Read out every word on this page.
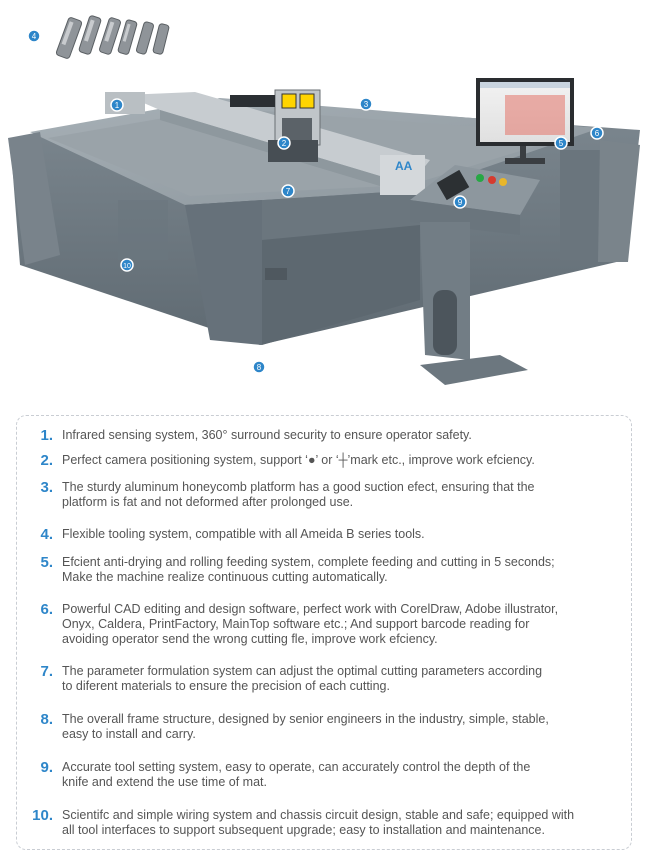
AA
1
2
3
4
5
6
7
8
9
10
1. Infrared sensing system, 360° surround security to ensure operator safety.
2. Perfect camera positioning system, support ‘●’ or ‘┼’mark etc., improve work efciency.
3. The sturdy aluminum honeycomb platform has a good suction efect, ensuring that the
platform is fat and not deformed after prolonged use.
4. Flexible tooling system, compatible with all Ameida B series tools.
5. Efcient anti-drying and rolling feeding system, complete feeding and cutting in 5 seconds;
Make the machine realize continuous cutting automatically.
6. Powerful CAD editing and design software, perfect work with CorelDraw, Adobe illustrator,
Onyx, Caldera, PrintFactory, MainTop software etc.; And support barcode reading for
avoiding operator send the wrong cutting fle, improve work efciency.
7. The parameter formulation system can adjust the optimal cutting parameters according
to diferent materials to ensure the precision of each cutting.
8. The overall frame structure, designed by senior engineers in the industry, simple, stable,
easy to install and carry.
9. Accurate tool setting system, easy to operate, can accurately control the depth of the
knife and extend the use time of mat.
10. Scientifc and simple wiring system and chassis circuit design, stable and safe; equipped with
all tool interfaces to support subsequent upgrade; easy to installation and maintenance.
